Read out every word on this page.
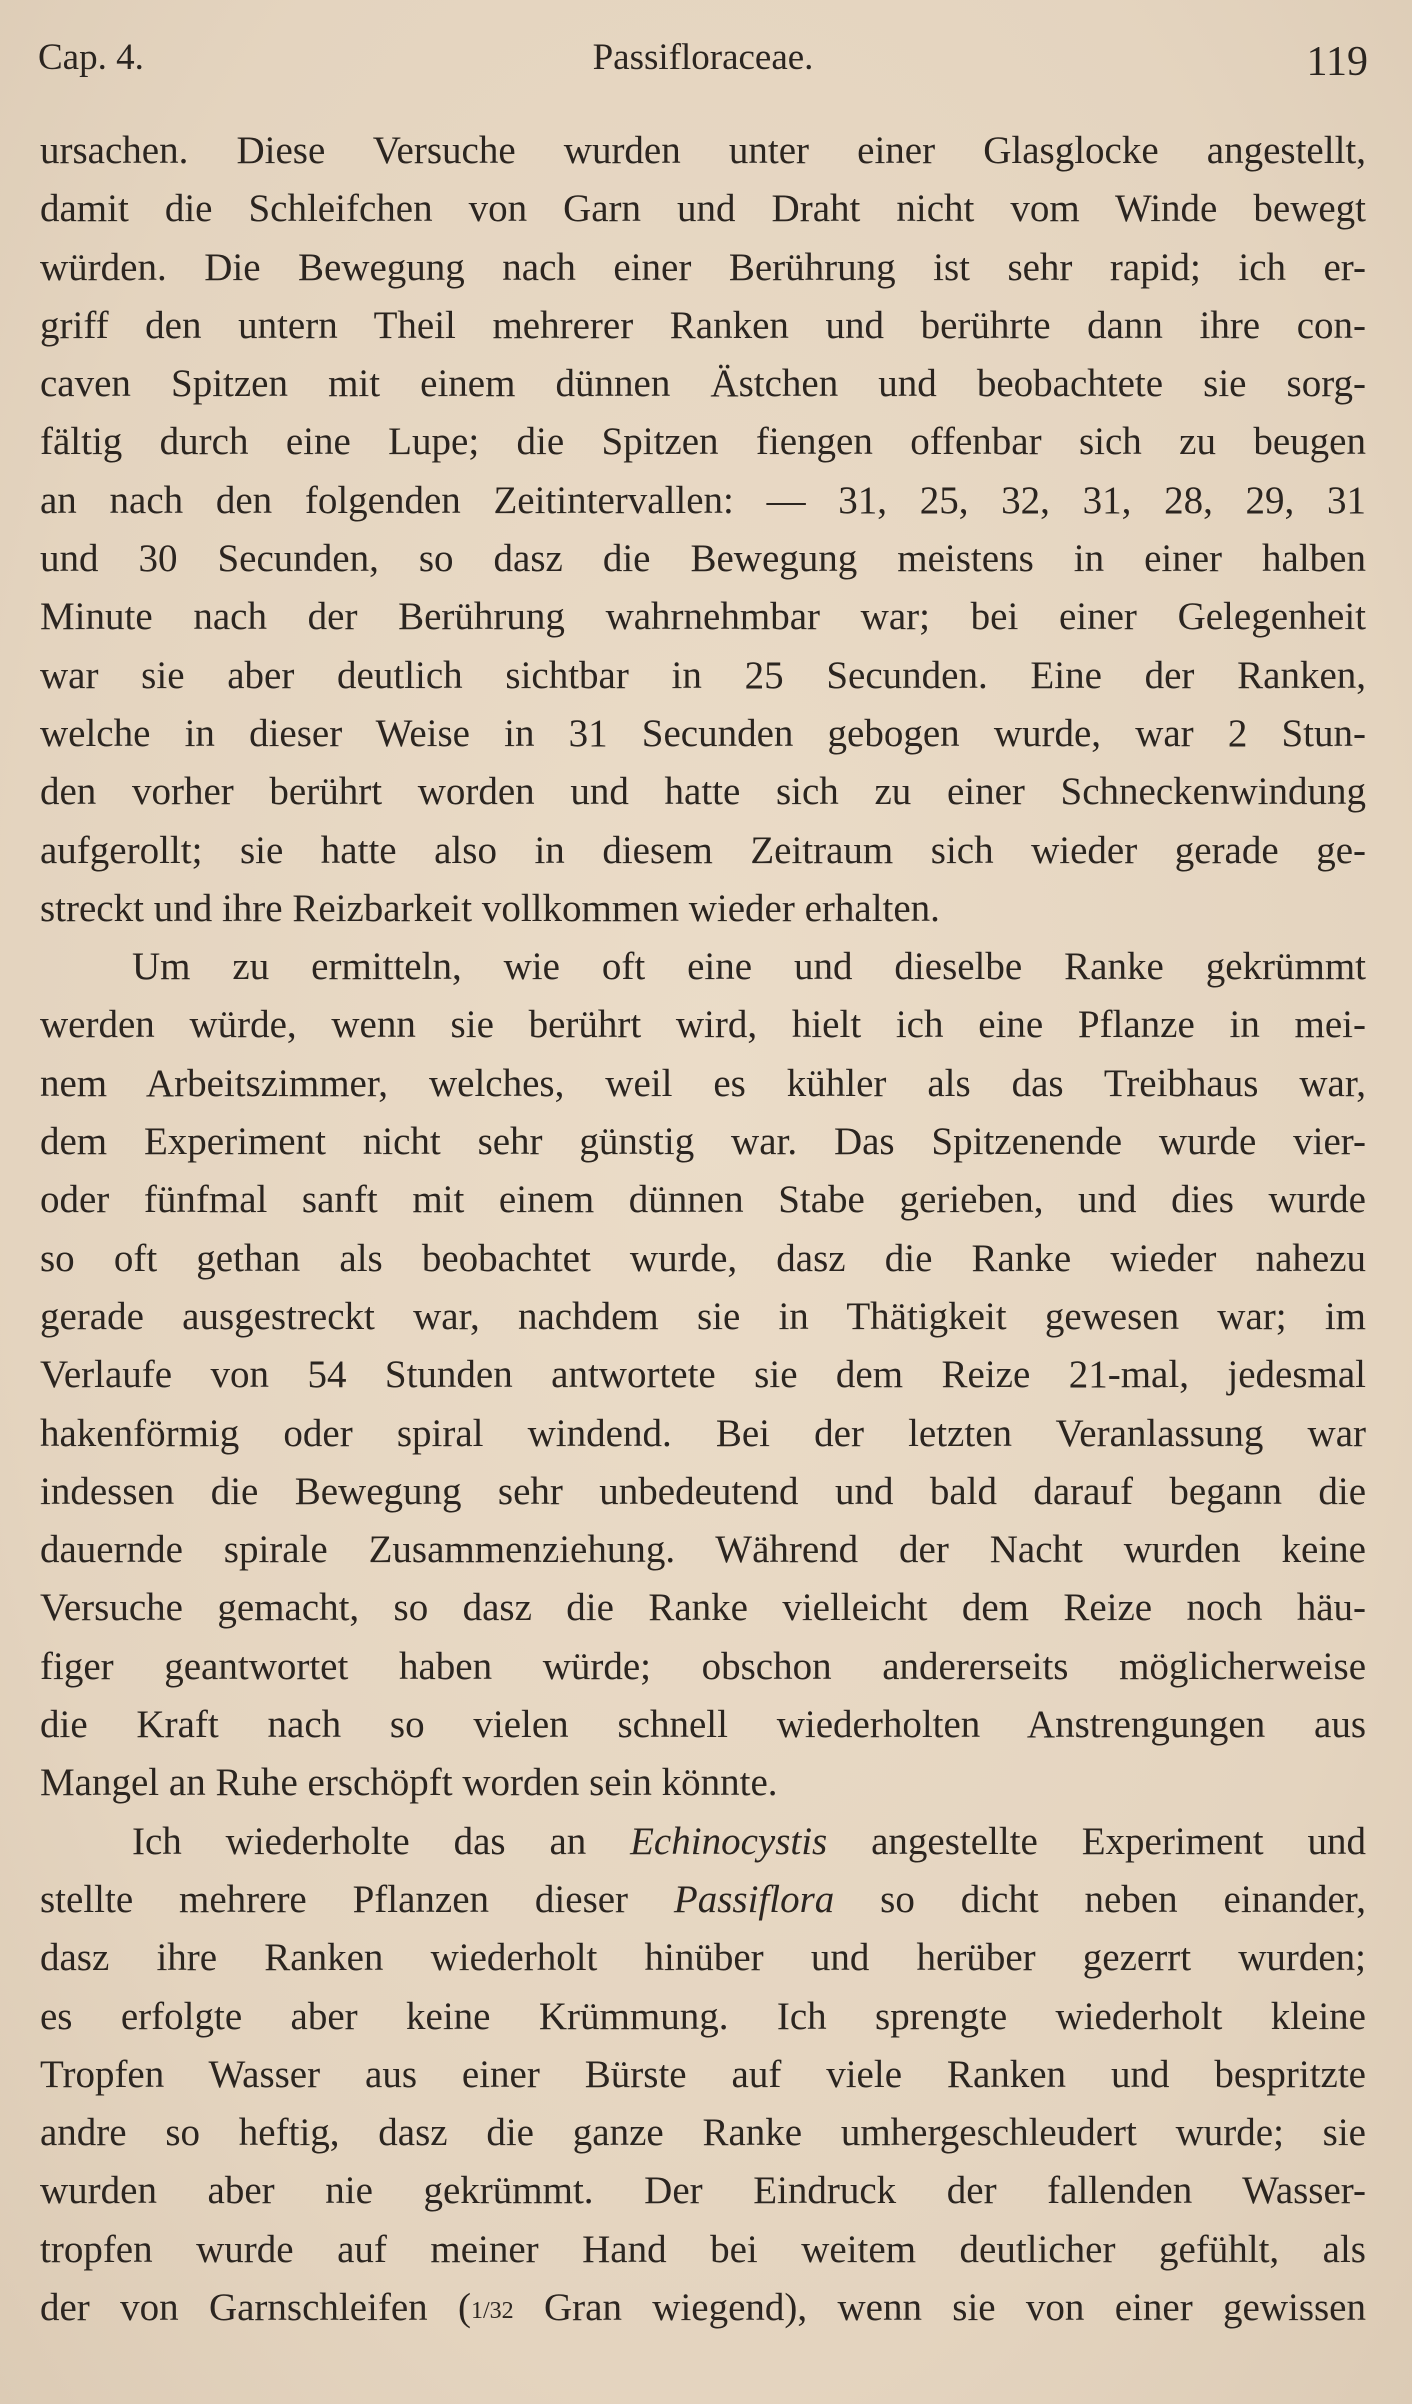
Cap. 4.	Passifloraceae.	119
ursachen. Diese Versuche wurden unter einer Glasglocke angestellt,
damit die Schleifchen von Garn und Draht nicht vom Winde bewegt
würden. Die Bewegung nach einer Berührung ist sehr rapid; ich er-
griff den untern Theil mehrerer Ranken und berührte dann ihre con-
caven Spitzen mit einem dünnen Ästchen und beobachtete sie sorg-
fältig durch eine Lupe; die Spitzen fiengen offenbar sich zu beugen
an nach den folgenden Zeitintervallen: — 31, 25, 32, 31, 28, 29, 31
und 30 Secunden, so dasz die Bewegung meistens in einer halben
Minute nach der Berührung wahrnehmbar war; bei einer Gelegenheit
war sie aber deutlich sichtbar in 25 Secunden. Eine der Ranken,
welche in dieser Weise in 31 Secunden gebogen wurde, war 2 Stun-
den vorher berührt worden und hatte sich zu einer Schneckenwindung
aufgerollt; sie hatte also in diesem Zeitraum sich wieder gerade ge-
streckt und ihre Reizbarkeit vollkommen wieder erhalten.
Um zu ermitteln, wie oft eine und dieselbe Ranke gekrümmt
werden würde, wenn sie berührt wird, hielt ich eine Pflanze in mei-
nem Arbeitszimmer, welches, weil es kühler als das Treibhaus war,
dem Experiment nicht sehr günstig war. Das Spitzenende wurde vier-
oder fünfmal sanft mit einem dünnen Stabe gerieben, und dies wurde
so oft gethan als beobachtet wurde, dasz die Ranke wieder nahezu
gerade ausgestreckt war, nachdem sie in Thätigkeit gewesen war; im
Verlaufe von 54 Stunden antwortete sie dem Reize 21-mal, jedesmal
hakenförmig oder spiral windend. Bei der letzten Veranlassung war
indessen die Bewegung sehr unbedeutend und bald darauf begann die
dauernde spirale Zusammenziehung. Während der Nacht wurden keine
Versuche gemacht, so dasz die Ranke vielleicht dem Reize noch häu-
figer geantwortet haben würde; obschon andererseits möglicherweise
die Kraft nach so vielen schnell wiederholten Anstrengungen aus
Mangel an Ruhe erschöpft worden sein könnte.
Ich wiederholte das an Echinocystis angestellte Experiment und
stellte mehrere Pflanzen dieser Passiflora so dicht neben einander,
dasz ihre Ranken wiederholt hinüber und herüber gezerrt wurden;
es erfolgte aber keine Krümmung. Ich sprengte wiederholt kleine
Tropfen Wasser aus einer Bürste auf viele Ranken und bespritzte
andre so heftig, dasz die ganze Ranke umhergeschleudert wurde; sie
wurden aber nie gekrümmt. Der Eindruck der fallenden Wasser-
tropfen wurde auf meiner Hand bei weitem deutlicher gefühlt, als
der von Garnschleifen (1/32 Gran wiegend), wenn sie von einer gewissen
